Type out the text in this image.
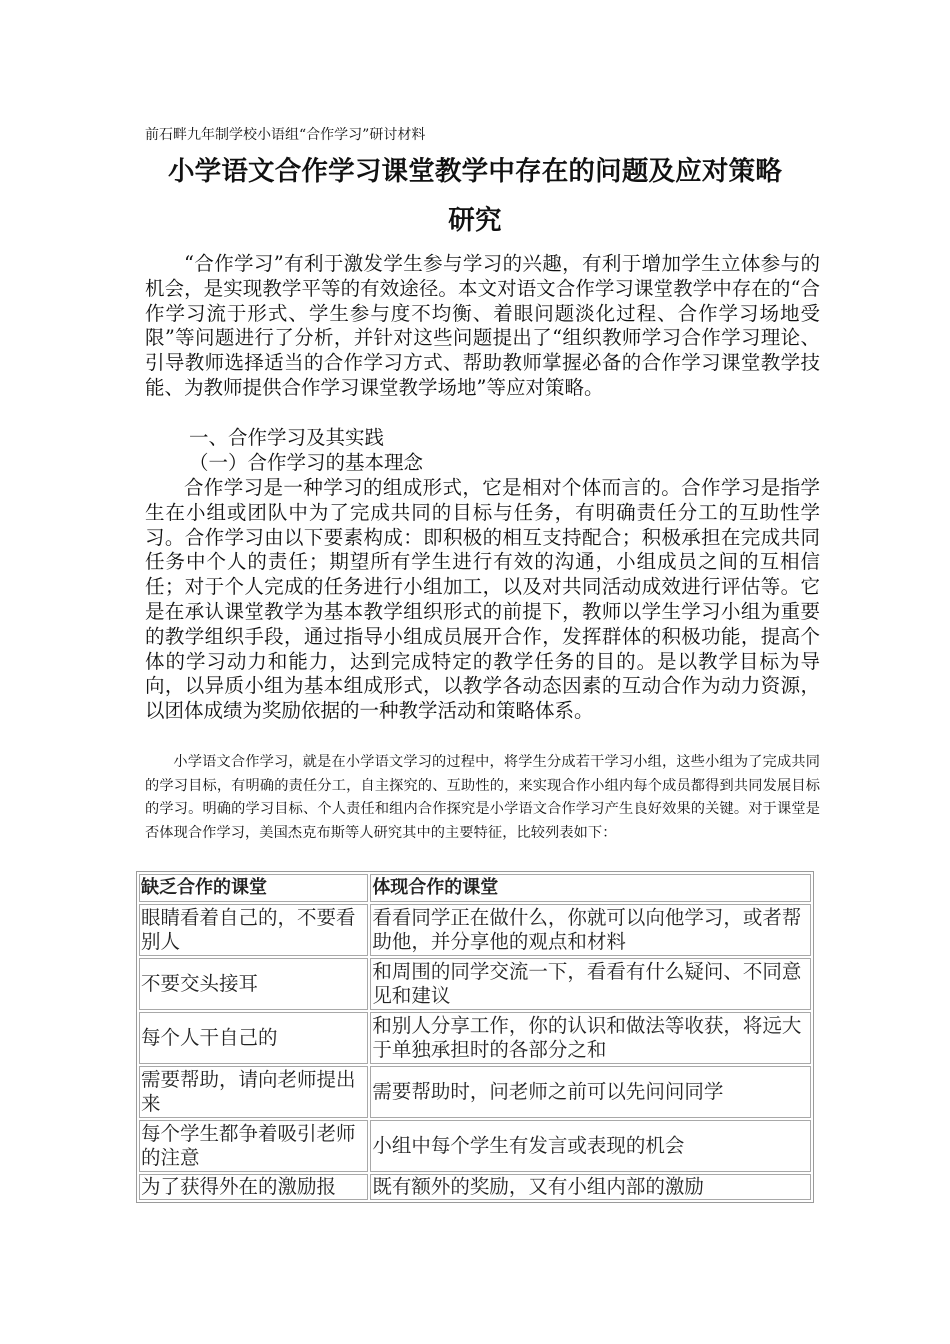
前石畔九年制学校小语组“合作学习”研讨材料
小学语文合作学习课堂教学中存在的问题及应对策略
研究

“合作学习”有利于激发学生参与学习的兴趣，有利于增加学生立体参与的机会，是实现教学平等的有效途径。本文对语文合作学习课堂教学中存在的“合作学习流于形式、学生参与度不均衡、着眼问题淡化过程、合作学习场地受限”等问题进行了分析，并针对这些问题提出了“组织教师学习合作学习理论、引导教师选择适当的合作学习方式、帮助教师掌握必备的合作学习课堂教学技能、为教师提供合作学习课堂教学场地”等应对策略。

一、合作学习及其实践
（一）合作学习的基本理念

合作学习是一种学习的组成形式，它是相对个体而言的。合作学习是指学生在小组或团队中为了完成共同的目标与任务，有明确责任分工的互助性学习。合作学习由以下要素构成：即积极的相互支持配合；积极承担在完成共同任务中个人的责任；期望所有学生进行有效的沟通，小组成员之间的互相信任；对于个人完成的任务进行小组加工，以及对共同活动成效进行评估等。它是在承认课堂教学为基本教学组织形式的前提下，教师以学生学习小组为重要的教学组织手段，通过指导小组成员展开合作，发挥群体的积极功能，提高个体的学习动力和能力，达到完成特定的教学任务的目的。是以教学目标为导向，以异质小组为基本组成形式，以教学各动态因素的互动合作为动力资源，以团体成绩为奖励依据的一种教学活动和策略体系。

小学语文合作学习，就是在小学语文学习的过程中，将学生分成若干学习小组，这些小组为了完成共同的学习目标，有明确的责任分工，自主探究的、互助性的，来实现合作小组内每个成员都得到共同发展目标的学习。明确的学习目标、个人责任和组内合作探究是小学语文合作学习产生良好效果的关键。对于课堂是否体现合作学习，美国杰克布斯等人研究其中的主要特征，比较列表如下：

缺乏合作的课堂	体现合作的课堂
眼睛看着自己的，不要看别人	看看同学正在做什么，你就可以向他学习，或者帮助他，并分享他的观点和材料
不要交头接耳	和周围的同学交流一下，看看有什么疑问、不同意见和建议
每个人干自己的	和别人分享工作，你的认识和做法等收获，将远大于单独承担时的各部分之和
需要帮助，请向老师提出来	需要帮助时，问老师之前可以先问问同学
每个学生都争着吸引老师的注意	小组中每个学生有发言或表现的机会
为了获得外在的激励报	既有额外的奖励，又有小组内部的激励
